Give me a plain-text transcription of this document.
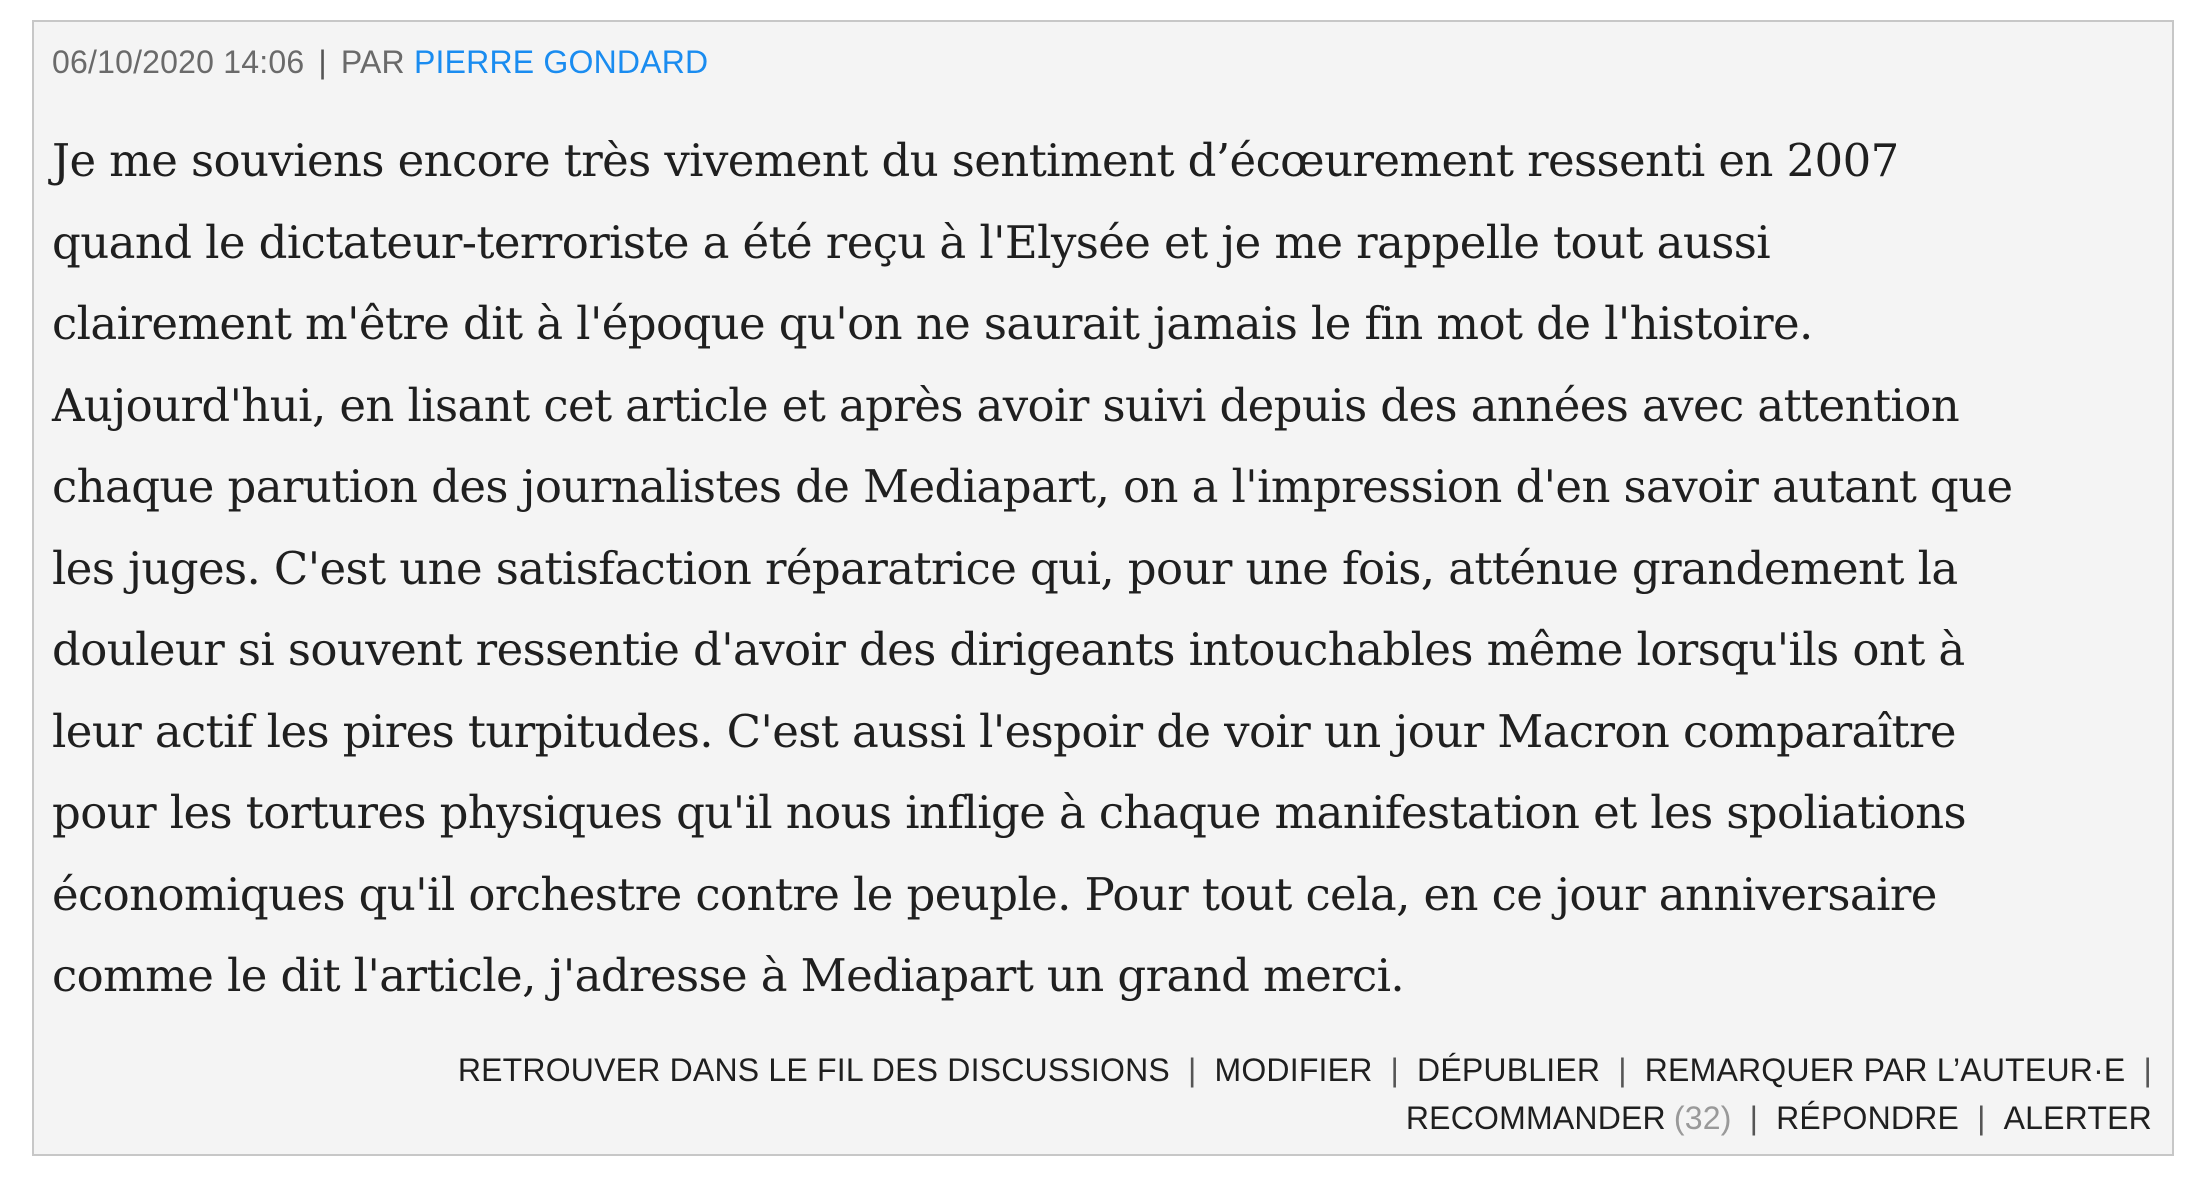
06/10/2020 14:06 | PAR PIERRE GONDARD

Je me souviens encore très vivement du sentiment d’écœurement ressenti en 2007
quand le dictateur-terroriste a été reçu à l'Elysée et je me rappelle tout aussi
clairement m'être dit à l'époque qu'on ne saurait jamais le fin mot de l'histoire.
Aujourd'hui, en lisant cet article et après avoir suivi depuis des années avec attention
chaque parution des journalistes de Mediapart, on a l'impression d'en savoir autant que
les juges. C'est une satisfaction réparatrice qui, pour une fois, atténue grandement la
douleur si souvent ressentie d'avoir des dirigeants intouchables même lorsqu'ils ont à
leur actif les pires turpitudes. C'est aussi l'espoir de voir un jour Macron comparaître
pour les tortures physiques qu'il nous inflige à chaque manifestation et les spoliations
économiques qu'il orchestre contre le peuple. Pour tout cela, en ce jour anniversaire
comme le dit l'article, j'adresse à Mediapart un grand merci.

RETROUVER DANS LE FIL DES DISCUSSIONS | MODIFIER | DÉPUBLIER | REMARQUER PAR L’AUTEUR·E |
RECOMMANDER (32) | RÉPONDRE | ALERTER
